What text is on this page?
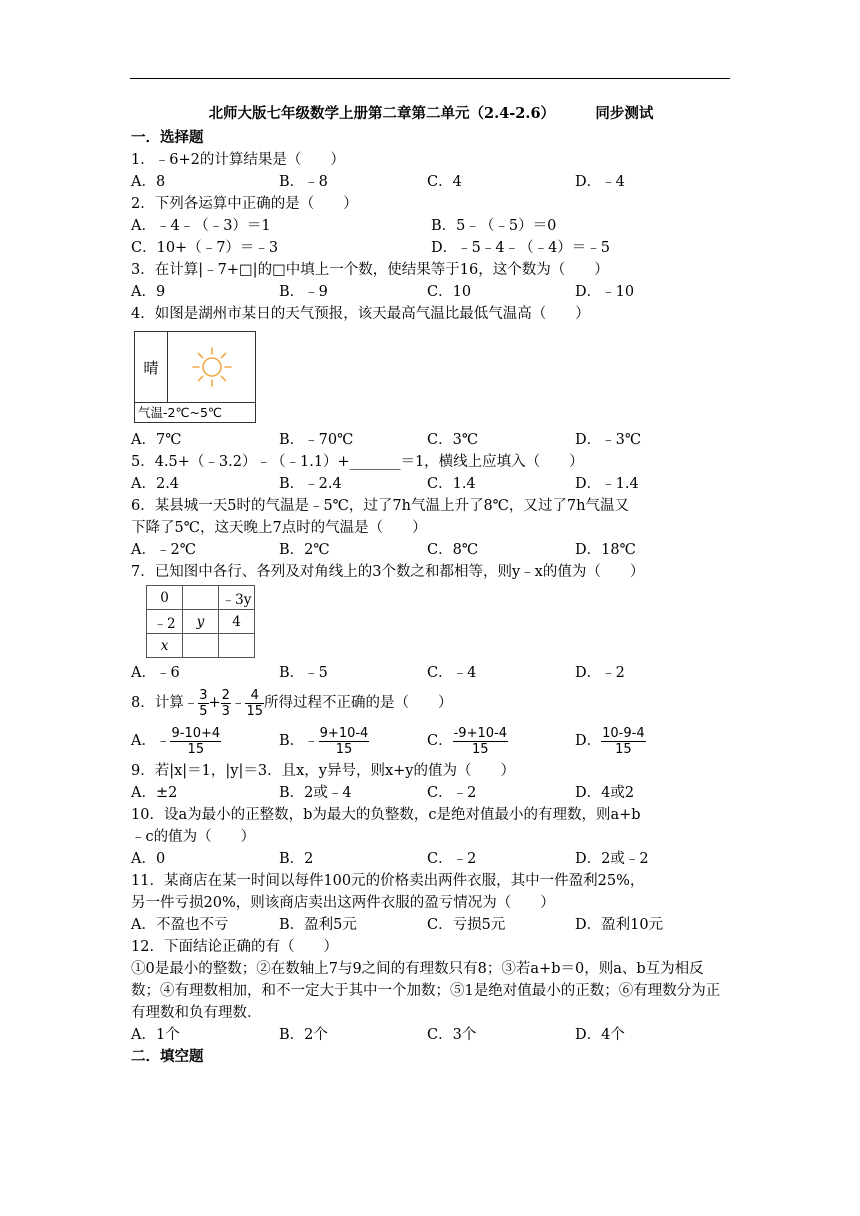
北师大版七年级数学上册第二章第二单元（2.4-2.6）        同步测试
一．选择题
1．﹣6+2的计算结果是（　　）
A．8	B．﹣8	C．4	D．﹣4
2．下列各运算中正确的是（　　）
A．﹣4﹣（﹣3）＝1	B．5﹣（﹣5）＝0
C．10+（﹣7）＝﹣3	D．﹣5﹣4﹣（﹣4）＝﹣5
3．在计算|﹣7+□|的□中填上一个数，使结果等于16，这个数为（　　）
A．9	B．﹣9	C．10	D．﹣10
4．如图是湖州市某日的天气预报，该天最高气温比最低气温高（　　）
晴
气温-2℃~5℃
A．7℃	B．﹣70℃	C．3℃	D．﹣3℃
5．4.5+（﹣3.2）﹣（﹣1.1）+_______＝1，横线上应填入（　　）
A．2.4	B．﹣2.4	C．1.4	D．﹣1.4
6．某县城一天5时的气温是﹣5℃，过了7h气温上升了8℃，又过了7h气温又
下降了5℃，这天晚上7点时的气温是（　　）
A．﹣2℃	B．2℃	C．8℃	D．18℃
7．已知图中各行、各列及对角线上的3个数之和都相等，则y﹣x的值为（　　）
0		﹣3y
﹣2	y	4
x		
A．﹣6	B．﹣5	C．﹣4	D．﹣2
8．计算 ﹣ $\frac{3}{5} + \frac{2}{3}$ ﹣ $\frac{4}{15}$ 所得过程不正确的是（　　）
A．﹣ $\frac{9-10+4}{15}$	B．﹣ $\frac{9+10-4}{15}$	C． $\frac{-9+10-4}{15}$	D． $\frac{10-9-4}{15}$
9．若|x|＝1，|y|＝3．且x，y异号，则x+y的值为（　　）
A．±2	B．2或﹣4	C．﹣2	D．4或2
10．设a为最小的正整数，b为最大的负整数，c是绝对值最小的有理数，则a+b
﹣c的值为（　　）
A．0	B．2	C．﹣2	D．2或﹣2
11．某商店在某一时间以每件100元的价格卖出两件衣服，其中一件盈利25%，
另一件亏损20%，则该商店卖出这两件衣服的盈亏情况为（　　）
A．不盈也不亏	B．盈利5元	C．亏损5元	D．盈利10元
12．下面结论正确的有（　　）
①0是最小的整数；②在数轴上7与9之间的有理数只有8；③若a+b＝0，则a、b互为相反数；④有理数相加，和不一定大于其中一个加数；⑤1是绝对值最小的正数；⑥有理数分为正有理数和负有理数．
A．1个	B．2个	C．3个	D．4个
二．填空题
